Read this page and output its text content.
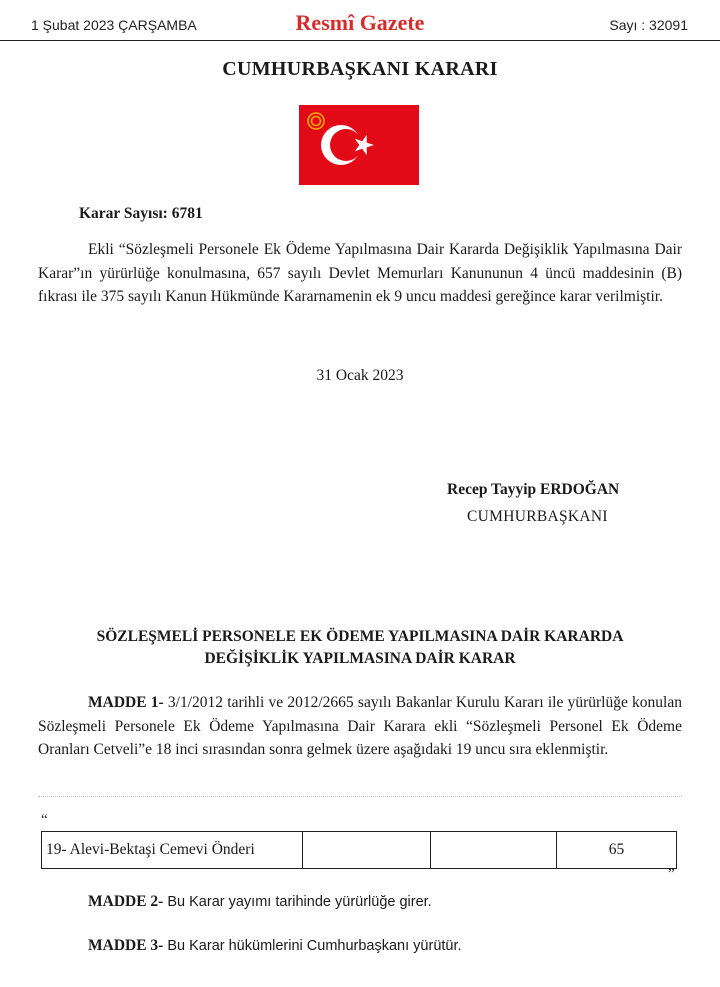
1 Şubat 2023 ÇARŞAMBA	Resmî Gazete	Sayı : 32091
CUMHURBAŞKANI KARARI
Karar Sayısı: 6781

Ekli “Sözleşmeli Personele Ek Ödeme Yapılmasına Dair Kararda Değişiklik Yapılmasına Dair Karar”ın yürürlüğe konulmasına, 657 sayılı Devlet Memurları Kanununun 4 üncü maddesinin (B) fıkrası ile 375 sayılı Kanun Hükmünde Kararnamenin ek 9 uncu maddesi gereğince karar verilmiştir.

31 Ocak 2023
Recep Tayyip ERDOĞAN
CUMHURBAŞKANI
SÖZLEŞMELİ PERSONELE EK ÖDEME YAPILMASINA DAİR KARARDA
DEĞİŞİKLİK YAPILMASINA DAİR KARAR

MADDE 1- 3/1/2012 tarihli ve 2012/2665 sayılı Bakanlar Kurulu Kararı ile yürürlüğe konulan Sözleşmeli Personele Ek Ödeme Yapılmasına Dair Karara ekli “Sözleşmeli Personel Ek Ödeme Oranları Cetveli”e 18 inci sırasından sonra gelmek üzere aşağıdaki 19 uncu sıra eklenmiştir.

“
19- Alevi-Bektaşi Cemevi Önderi			65
”
MADDE 2- Bu Karar yayımı tarihinde yürürlüğe girer.
MADDE 3- Bu Karar hükümlerini Cumhurbaşkanı yürütür.
